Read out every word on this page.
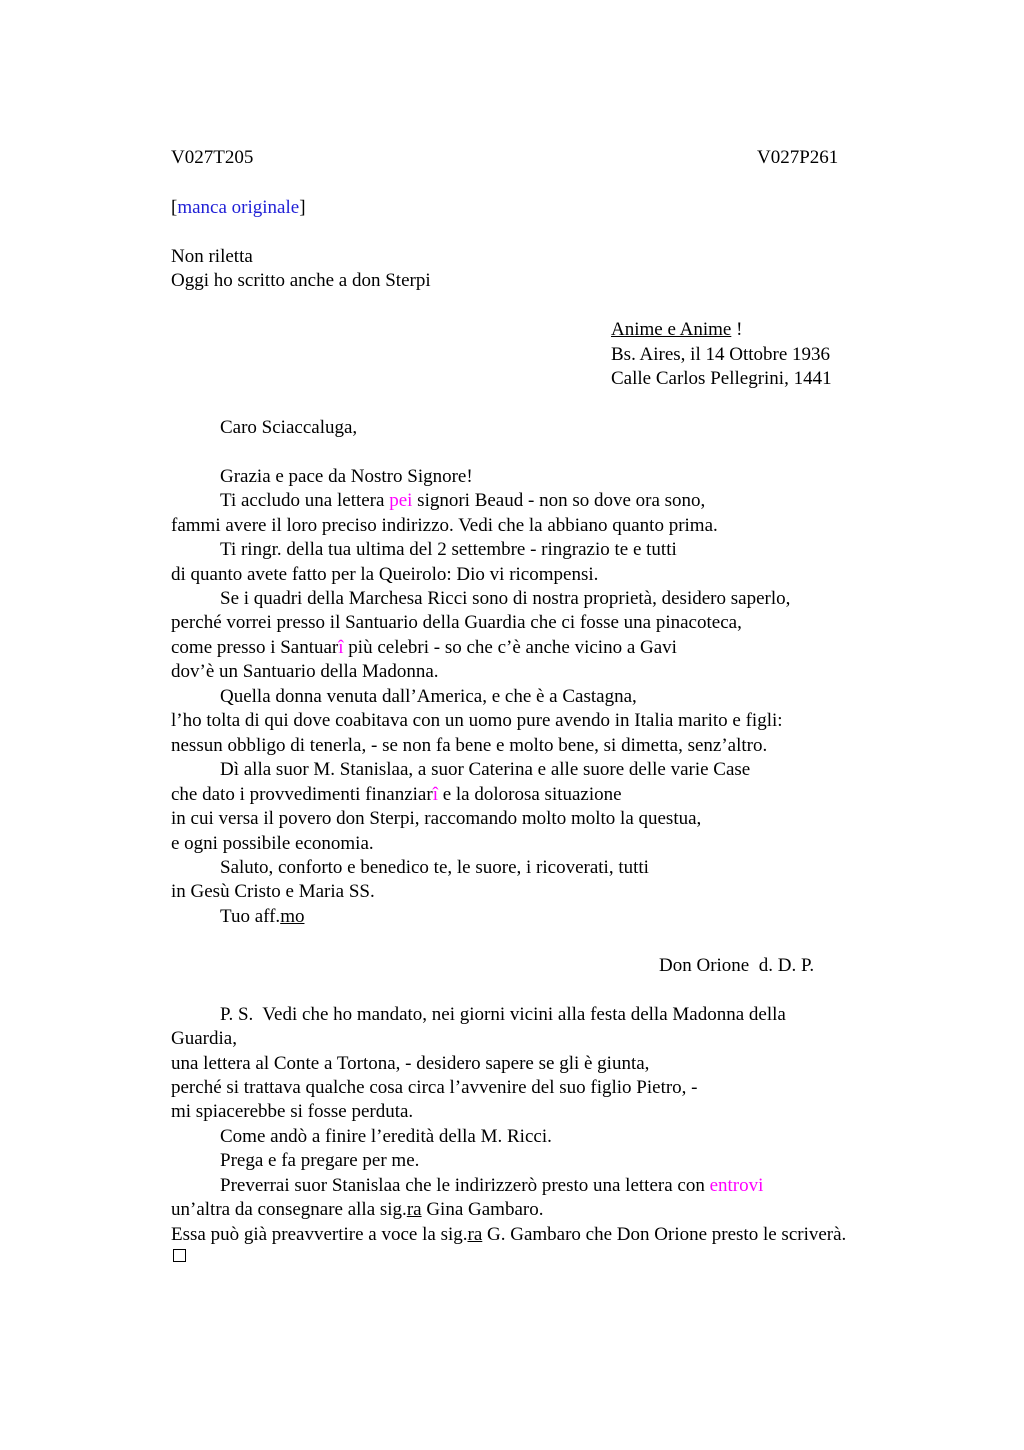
V027T205	V027P261
[manca originale]
Non riletta
Oggi ho scritto anche a don Sterpi
Anime e Anime !
Bs. Aires, il 14 Ottobre 1936
Calle Carlos Pellegrini, 1441
Caro Sciaccaluga,
Grazia e pace da Nostro Signore!
Ti accludo una lettera pei signori Beaud - non so dove ora sono,
fammi avere il loro preciso indirizzo. Vedi che la abbiano quanto prima.
Ti ringr. della tua ultima del 2 settembre - ringrazio te e tutti
di quanto avete fatto per la Queirolo: Dio vi ricompensi.
Se i quadri della Marchesa Ricci sono di nostra proprietà, desidero saperlo,
perché vorrei presso il Santuario della Guardia che ci fosse una pinacoteca,
come presso i Santuarî più celebri - so che c’è anche vicino a Gavi
dov’è un Santuario della Madonna.
Quella donna venuta dall’America, e che è a Castagna,
l’ho tolta di qui dove coabitava con un uomo pure avendo in Italia marito e figli:
nessun obbligo di tenerla, - se non fa bene e molto bene, si dimetta, senz’altro.
Dì alla suor M. Stanislaa, a suor Caterina e alle suore delle varie Case
che dato i provvedimenti finanziarî e la dolorosa situazione
in cui versa il povero don Sterpi, raccomando molto molto la questua,
e ogni possibile economia.
Saluto, conforto e benedico te, le suore, i ricoverati, tutti
in Gesù Cristo e Maria SS.
Tuo aff.mo
Don Orione  d. D. P.
P. S.  Vedi che ho mandato, nei giorni vicini alla festa della Madonna della
Guardia,
una lettera al Conte a Tortona, - desidero sapere se gli è giunta,
perché si trattava qualche cosa circa l’avvenire del suo figlio Pietro, -
mi spiacerebbe si fosse perduta.
Come andò a finire l’eredità della M. Ricci.
Prega e fa pregare per me.
Preverrai suor Stanislaa che le indirizzerò presto una lettera con entrovi
un’altra da consegnare alla sig.ra Gina Gambaro.
Essa può già preavvertire a voce la sig.ra G. Gambaro che Don Orione presto le scriverà.
